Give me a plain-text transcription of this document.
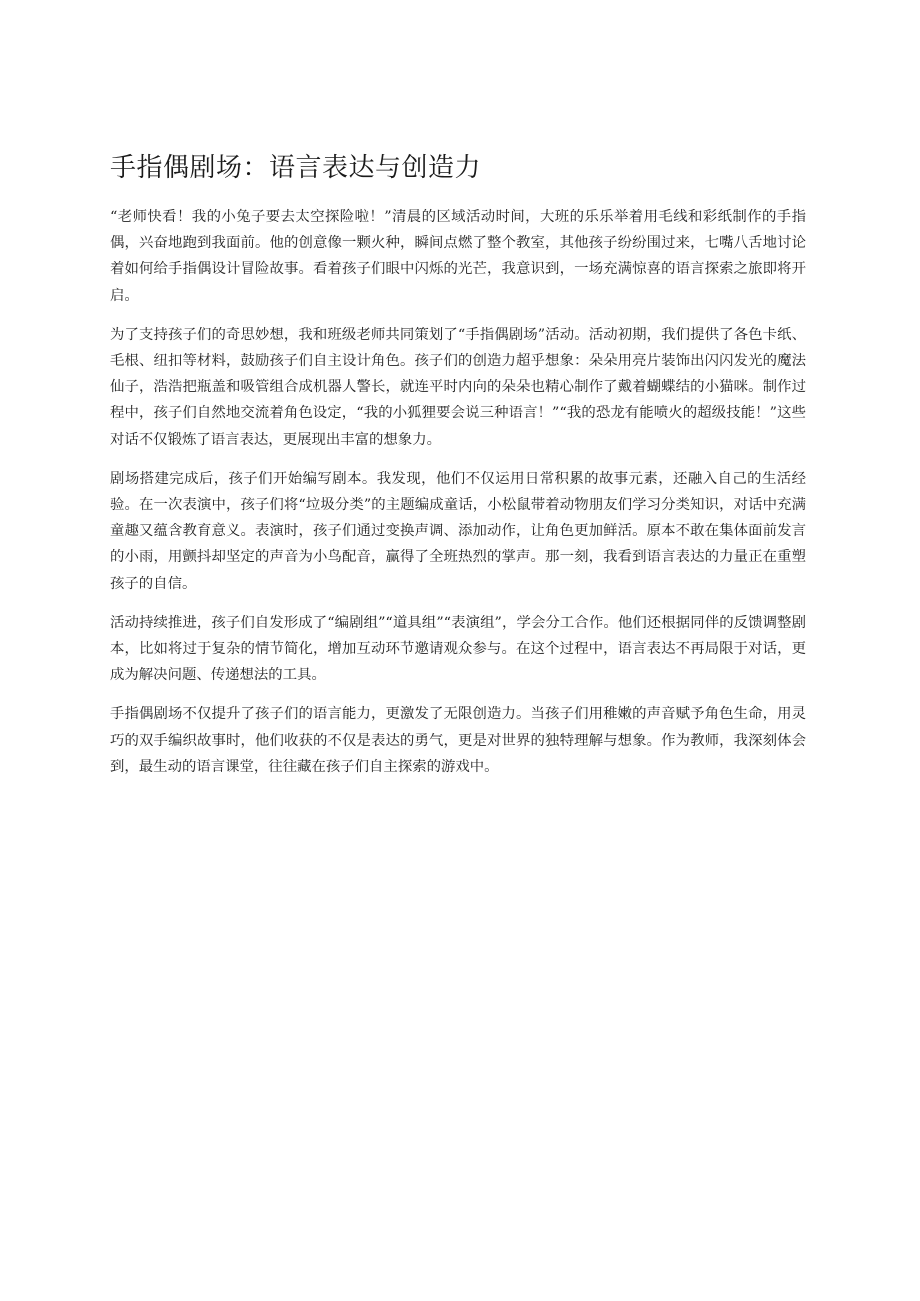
手指偶剧场：语言表达与创造力

“老师快看！我的小兔子要去太空探险啦！”清晨的区域活动时间，大班的乐乐举着用毛线和彩纸制作的手指偶，兴奋地跑到我面前。他的创意像一颗火种，瞬间点燃了整个教室，其他孩子纷纷围过来，七嘴八舌地讨论着如何给手指偶设计冒险故事。看着孩子们眼中闪烁的光芒，我意识到，一场充满惊喜的语言探索之旅即将开启。

为了支持孩子们的奇思妙想，我和班级老师共同策划了“手指偶剧场”活动。活动初期，我们提供了各色卡纸、毛根、纽扣等材料，鼓励孩子们自主设计角色。孩子们的创造力超乎想象：朵朵用亮片装饰出闪闪发光的魔法仙子，浩浩把瓶盖和吸管组合成机器人警长，就连平时内向的朵朵也精心制作了戴着蝴蝶结的小猫咪。制作过程中，孩子们自然地交流着角色设定，“我的小狐狸要会说三种语言！”“我的恐龙有能喷火的超级技能！”这些对话不仅锻炼了语言表达，更展现出丰富的想象力。

剧场搭建完成后，孩子们开始编写剧本。我发现，他们不仅运用日常积累的故事元素，还融入自己的生活经验。在一次表演中，孩子们将“垃圾分类”的主题编成童话，小松鼠带着动物朋友们学习分类知识，对话中充满童趣又蕴含教育意义。表演时，孩子们通过变换声调、添加动作，让角色更加鲜活。原本不敢在集体面前发言的小雨，用颤抖却坚定的声音为小鸟配音，赢得了全班热烈的掌声。那一刻，我看到语言表达的力量正在重塑孩子的自信。

活动持续推进，孩子们自发形成了“编剧组”“道具组”“表演组”，学会分工合作。他们还根据同伴的反馈调整剧本，比如将过于复杂的情节简化，增加互动环节邀请观众参与。在这个过程中，语言表达不再局限于对话，更成为解决问题、传递想法的工具。

手指偶剧场不仅提升了孩子们的语言能力，更激发了无限创造力。当孩子们用稚嫩的声音赋予角色生命，用灵巧的双手编织故事时，他们收获的不仅是表达的勇气，更是对世界的独特理解与想象。作为教师，我深刻体会到，最生动的语言课堂，往往藏在孩子们自主探索的游戏中。
